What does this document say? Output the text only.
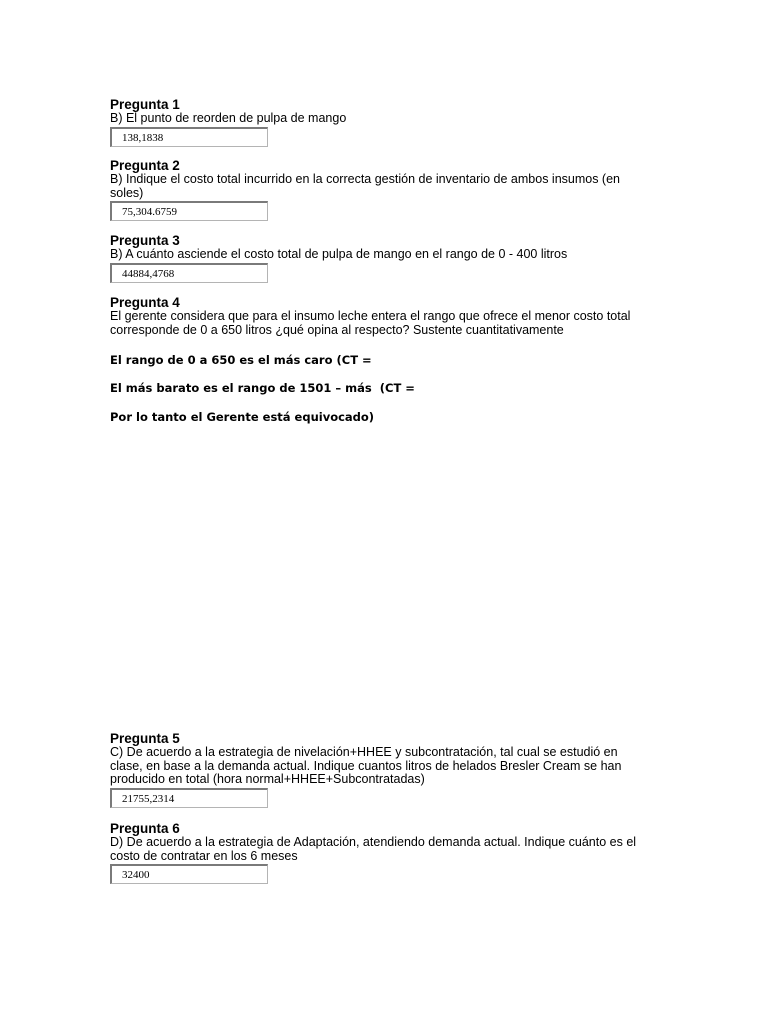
Pregunta 1

B) El punto de reorden de pulpa de mango

138,1838

Pregunta 2

B) Indique el costo total incurrido en la correcta gestión de inventario de ambos insumos (en soles)

75,304.6759

Pregunta 3

B) A cuánto asciende el costo total de pulpa de mango en el rango de 0 - 400 litros

44884,4768

Pregunta 4

El gerente considera que para el insumo leche entera el rango que ofrece el menor costo total corresponde de 0 a 650 litros ¿qué opina al respecto? Sustente cuantitativamente

El rango de 0 a 650 es el más caro (CT =

El más barato es el rango de 1501 – más  (CT =

Por lo tanto el Gerente está equivocado)

Pregunta 5

C) De acuerdo a la estrategia de nivelación+HHEE y subcontratación, tal cual se estudió en clase, en base a la demanda actual. Indique cuantos litros de helados Bresler Cream se han producido en total (hora normal+HHEE+Subcontratadas)

21755,2314

Pregunta 6

D) De acuerdo a la estrategia de Adaptación, atendiendo demanda actual. Indique cuánto es el costo de contratar en los 6 meses

32400
